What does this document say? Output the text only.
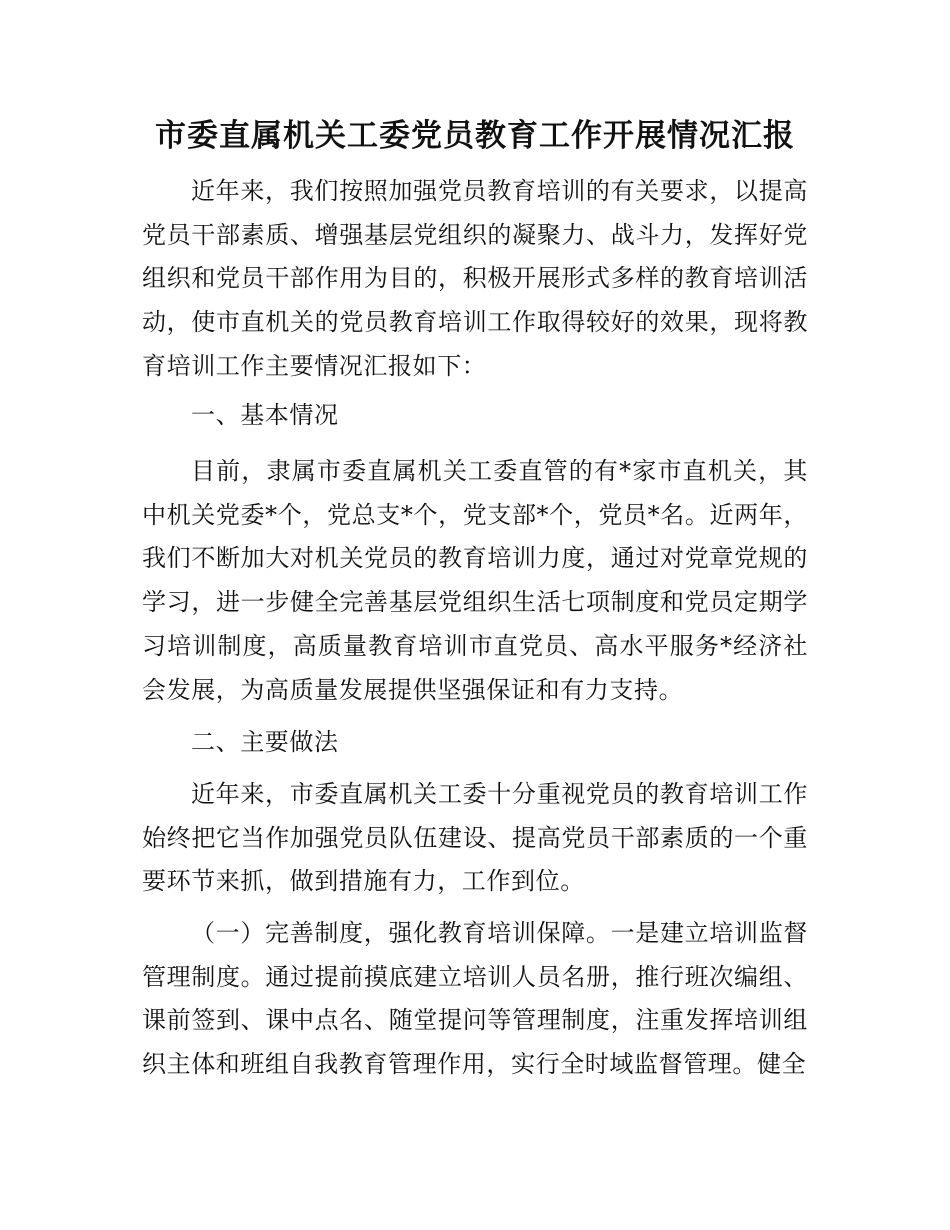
市委直属机关工委党员教育工作开展情况汇报

近年来，我们按照加强党员教育培训的有关要求，以提高党员干部素质、增强基层党组织的凝聚力、战斗力，发挥好党组织和党员干部作用为目的，积极开展形式多样的教育培训活动，使市直机关的党员教育培训工作取得较好的效果，现将教育培训工作主要情况汇报如下：

一、基本情况

目前，隶属市委直属机关工委直管的有*家市直机关，其中机关党委*个，党总支*个，党支部*个，党员*名。近两年，我们不断加大对机关党员的教育培训力度，通过对党章党规的学习，进一步健全完善基层党组织生活七项制度和党员定期学习培训制度，高质量教育培训市直党员、高水平服务*经济社会发展，为高质量发展提供坚强保证和有力支持。

二、主要做法

近年来，市委直属机关工委十分重视党员的教育培训工作始终把它当作加强党员队伍建设、提高党员干部素质的一个重要环节来抓，做到措施有力，工作到位。

（一）完善制度，强化教育培训保障。一是建立培训监督管理制度。通过提前摸底建立培训人员名册，推行班次编组、课前签到、课中点名、随堂提问等管理制度，注重发挥培训组织主体和班组自我教育管理作用，实行全时域监督管理。健全
